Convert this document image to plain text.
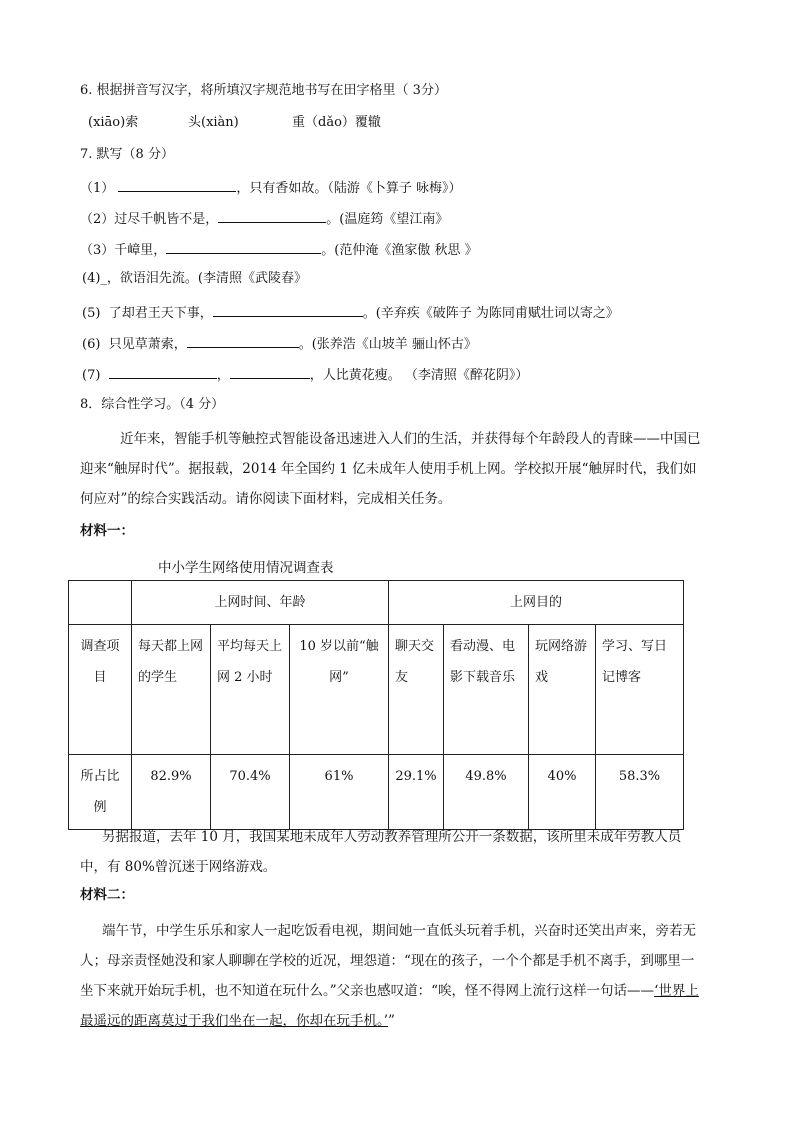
6. 根据拼音写汉字，将所填汉字规范地书写在田字格里（ 3分）
(xiāo)索	头(xiàn)	重（dǎo）覆辙
7. 默写（8 分）
（1）	，只有香如故。（陆游《卜算子 咏梅》）
（2）过尽千帆皆不是，	。(温庭筠《望江南》
（3）千嶂里，	。(范仲淹《渔家傲 秋思 》
(4)_，欲语泪先流。(李清照《武陵春》
(5) 了却君王天下事，	。(辛弃疾《破阵子 为陈同甫赋壮词以寄之》
(6) 只见草萧索，	。(张养浩《山坡羊 骊山怀古》
(7)	，	，人比黄花瘦。 （李清照《醉花阴》）
8．综合性学习。（4 分）
近年来，智能手机等触控式智能设备迅速进入人们的生活，并获得每个年龄段人的青睐——中国已迎来“触屏时代”。据报载，2014 年全国约 1 亿未成年人使用手机上网。学校拟开展“触屏时代，我们如何应对”的综合实践活动。请你阅读下面材料，完成相关任务。
材料一：
中小学生网络使用情况调查表
	上网时间、年龄			上网目的			
调查项目	每天都上网的学生	平均每天上网 2 小时	10 岁以前“触网”	聊天交友	看动漫、电影下载音乐	玩网络游戏	学习、写日记博客
所占比例	82.9%	70.4%	61%	29.1%	49.8%	40%	58.3%
另据报道，去年 10 月，我国某地未成年人劳动教养管理所公开一条数据，该所里未成年劳教人员中，有 80%曾沉迷于网络游戏。
材料二：
端午节，中学生乐乐和家人一起吃饭看电视，期间她一直低头玩着手机，兴奋时还笑出声来，旁若无人；母亲责怪她没和家人聊聊在学校的近况，埋怨道：“现在的孩子，一个个都是手机不离手，到哪里一坐下来就开始玩手机，也不知道在玩什么。”父亲也感叹道：“唉，怪不得网上流行这样一句话——‘世界上最遥远的距离莫过于我们坐在一起，你却在玩手机。’”
